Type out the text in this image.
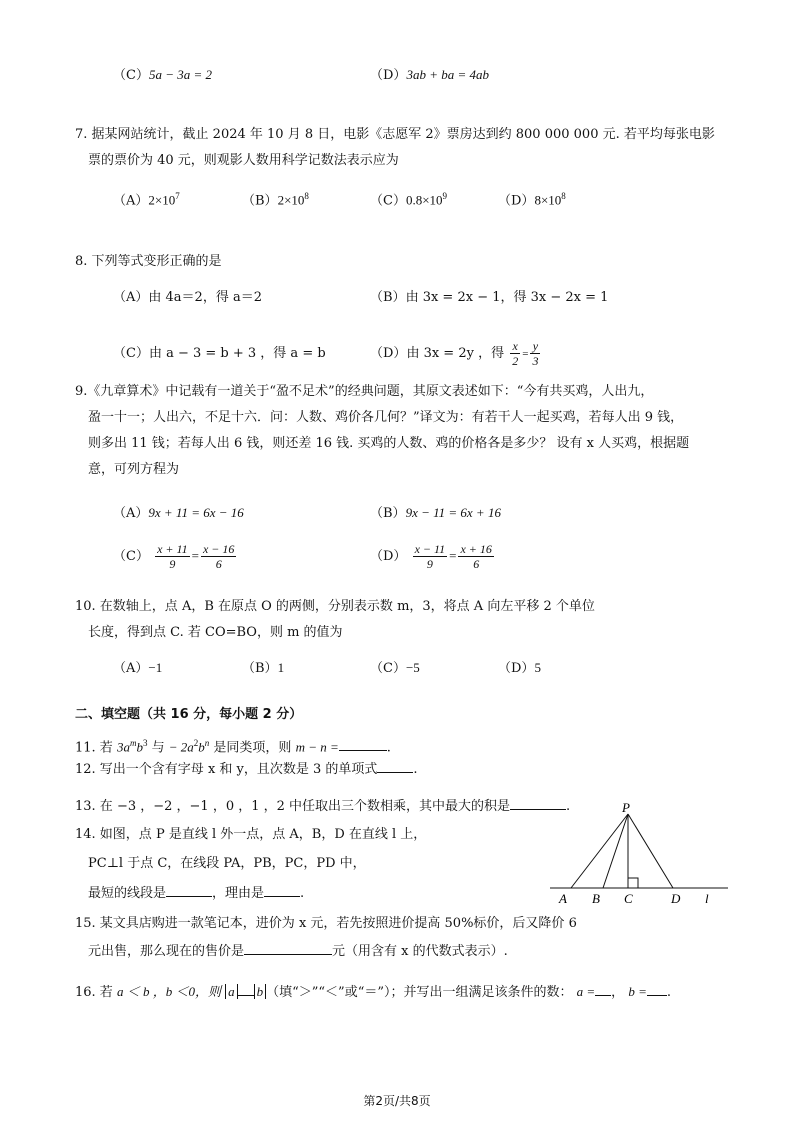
（C）5a − 3a = 2	（D）3ab + ba = 4ab
7. 据某网站统计，截止 2024 年 10 月 8 日，电影《志愿军 2》票房达到约 800 000 000 元. 若平均每张电影
票的票价为 40 元，则观影人数用科学记数法表示应为
$(A)2\times 10^7$	$(B)2\times 10^8$	$(C)0.8\times 10^9$	$(D)8\times 10^8$
8. 下列等式变形正确的是
（A）由 4a＝2，得 a＝2	（B）由 3x = 2x − 1，得 3x − 2x = 1
（C）由 a − 3 = b + 3 ，得 a = b	（D）由 3x = 2y ，得 $\frac{x}{2} = \frac{y}{3}$
9.《九章算术》中记载有一道关于“盈不足术”的经典问题，其原文表述如下：“今有共买鸡，人出九，
盈一十一；人出六，不足十六．问：人数、鸡价各几何？”译文为：有若干人一起买鸡，若每人出 9 钱，
则多出 11 钱；若每人出 6 钱，则还差 16 钱. 买鸡的人数、鸡的价格各是多少？ 设有 x 人买鸡，根据题
意，可列方程为
（A）9x + 11 = 6x − 16	（B）9x − 11 = 6x + 16
$(C) \frac{x + 11}{9} = \frac{x - 16}{6}$	$(D) \frac{x - 11}{9} = \frac{x + 16}{6}$
10. 在数轴上，点 A，B 在原点 O 的两侧，分别表示数 m，3，将点 A 向左平移 2 个单位
长度，得到点 C. 若 CO=BO，则 m 的值为
（A）−1	（B）1	（C）−5	（D）5
二、填空题（共 16 分，每小题 2 分）
11. 若 $3a^mb^3$ 与 − $2a^2b^n$ 是同类项，则 m − n =	.
12. 写出一个含有字母 x 和 y，且次数是 3 的单项式	.
13. 在 −3 ，−2 ，−1 ，0 ，1 ，2 中任取出三个数相乘，其中最大的积是	.
14. 如图，点 P 是直线 l 外一点，点 A，B，D 在直线 l 上，
PC⊥l 于点 C，在线段 PA，PB，PC，PD 中，
最短的线段是	，理由是	.
P
A B C	D l
15. 某文具店购进一款笔记本，进价为 x 元，若先按照进价提高 50%标价，后又降价 6
元出售，那么现在的售价是	元（用含有 x 的代数式表示）.
16. 若 a ＜ b ，b ＜0，则 a b （填“＞”“＜”或“＝”）；并写出一组满足该条件的数： a = ， b = .
第2页/共8页
